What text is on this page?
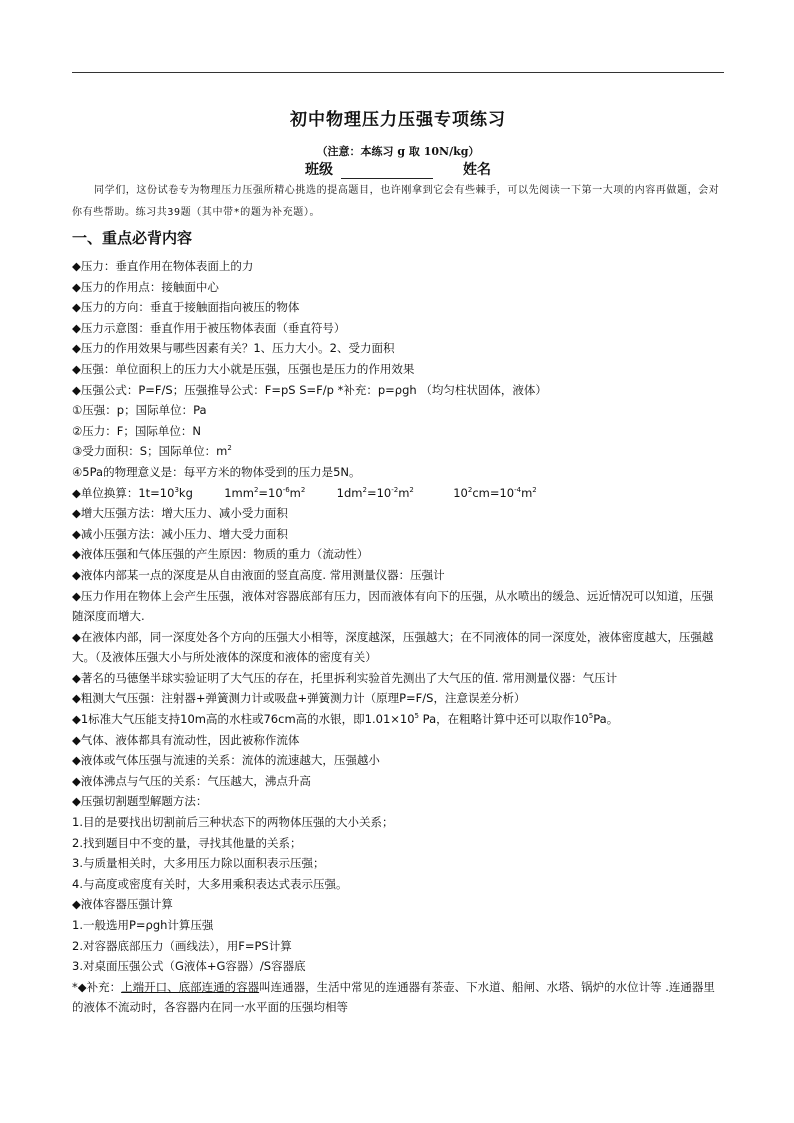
初中物理压力压强专项练习
（注意：本练习 g 取 10N/kg）
班级	姓名
同学们，这份试卷专为物理压力压强所精心挑选的提高题目，也许刚拿到它会有些棘手，可以先阅读一下第一大项的内容再做题，会对你有些帮助。练习共39题（其中带*的题为补充题）。
一、重点必背内容
◆压力：垂直作用在物体表面上的力
◆压力的作用点：接触面中心
◆压力的方向：垂直于接触面指向被压的物体
◆压力示意图：垂直作用于被压物体表面（垂直符号）
◆压力的作用效果与哪些因素有关？1、压力大小。2、受力面积
◆压强：单位面积上的压力大小就是压强，压强也是压力的作用效果
◆压强公式：P=F/S；压强推导公式：F=pS S=F/p *补充：p=ρgh （均匀柱状固体，液体）
①压强：p；国际单位：Pa
②压力：F；国际单位：N
③受力面积：S；国际单位：$m^2$
④5Pa的物理意义是：每平方米的物体受到的压力是5N。
◆单位换算：$1t=10^3kg$	$1mm^2=10^{-6}m^2$	$1dm^2=10^{-2}m^2$	$10^2cm=10^{-4}m^2$
◆增大压强方法：增大压力、减小受力面积
◆减小压强方法：减小压力、增大受力面积
◆液体压强和气体压强的产生原因：物质的重力（流动性）
◆液体内部某一点的深度是从自由液面的竖直高度. 常用测量仪器：压强计
◆压力作用在物体上会产生压强，液体对容器底部有压力，因而液体有向下的压强，从水喷出的缓急、远近情况可以知道，压强随深度而增大.
◆在液体内部，同一深度处各个方向的压强大小相等，深度越深，压强越大；在不同液体的同一深度处，液体密度越大，压强越大。（及液体压强大小与所处液体的深度和液体的密度有关）
◆著名的马德堡半球实验证明了大气压的存在，托里拆利实验首先测出了大气压的值. 常用测量仪器：气压计
◆粗测大气压强：注射器+弹簧测力计或吸盘+弹簧测力计（原理P=F/S，注意误差分析）
◆1标准大气压能支持10m高的水柱或76cm高的水银，即$1.01\times 10^5$ Pa，在粗略计算中还可以取作$10^5Pa$。
◆气体、液体都具有流动性，因此被称作流体
◆液体或气体压强与流速的关系：流体的流速越大，压强越小
◆液体沸点与气压的关系：气压越大，沸点升高
◆压强切割题型解题方法：
1.目的是要找出切割前后三种状态下的两物体压强的大小关系；
2.找到题目中不变的量，寻找其他量的关系；
3.与质量相关时，大多用压力除以面积表示压强；
4.与高度或密度有关时，大多用乘积表达式表示压强。
◆液体容器压强计算
1.一般选用P=ρgh计算压强
2.对容器底部压力（画线法），用F=PS计算
3.对桌面压强公式（G液体+G容器）/S容器底
*◆补充：上端开口、底部连通的容器叫连通器，生活中常见的连通器有茶壶、下水道、船闸、水塔、锅炉的水位计等 .连通器里的液体不流动时，各容器内在同一水平面的压强均相等
